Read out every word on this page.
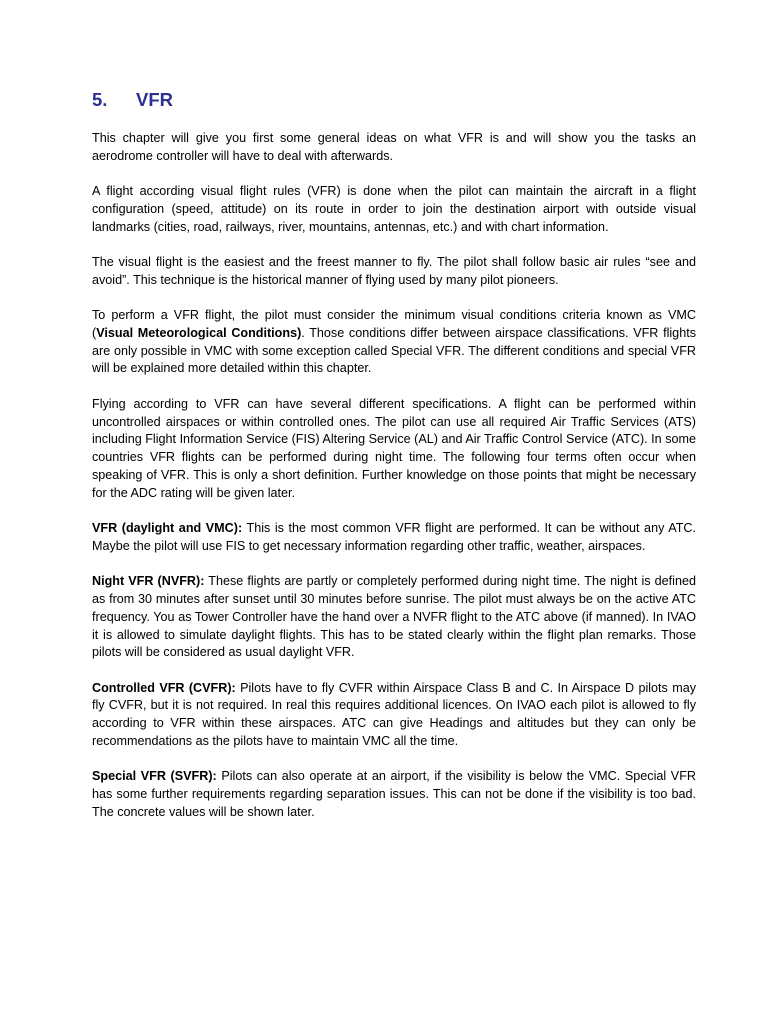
5.	VFR

This chapter will give you first some general ideas on what VFR is and will show you the tasks an aerodrome controller will have to deal with afterwards.

A flight according visual flight rules (VFR) is done when the pilot can maintain the aircraft in a flight configuration (speed, attitude) on its route in order to join the destination airport with outside visual landmarks (cities, road, railways, river, mountains, antennas, etc.) and with chart information.

The visual flight is the easiest and the freest manner to fly. The pilot shall follow basic air rules “see and avoid”. This technique is the historical manner of flying used by many pilot pioneers.

To perform a VFR flight, the pilot must consider the minimum visual conditions criteria known as VMC (Visual Meteorological Conditions). Those conditions differ between airspace classifications. VFR flights are only possible in VMC with some exception called Special VFR. The different conditions and special VFR will be explained more detailed within this chapter.

Flying according to VFR can have several different specifications. A flight can be performed within uncontrolled airspaces or within controlled ones. The pilot can use all required Air Traffic Services (ATS) including Flight Information Service (FIS) Altering Service (AL) and Air Traffic Control Service (ATC). In some countries VFR flights can be performed during night time. The following four terms often occur when speaking of VFR. This is only a short definition. Further knowledge on those points that might be necessary for the ADC rating will be given later.

VFR (daylight and VMC): This is the most common VFR flight are performed. It can be without any ATC. Maybe the pilot will use FIS to get necessary information regarding other traffic, weather, airspaces.

Night VFR (NVFR): These flights are partly or completely performed during night time. The night is defined as from 30 minutes after sunset until 30 minutes before sunrise. The pilot must always be on the active ATC frequency. You as Tower Controller have the hand over a NVFR flight to the ATC above (if manned). In IVAO it is allowed to simulate daylight flights. This has to be stated clearly within the flight plan remarks. Those pilots will be considered as usual daylight VFR.

Controlled VFR (CVFR): Pilots have to fly CVFR within Airspace Class B and C. In Airspace D pilots may fly CVFR, but it is not required. In real this requires additional licences. On IVAO each pilot is allowed to fly according to VFR within these airspaces. ATC can give Headings and altitudes but they can only be recommendations as the pilots have to maintain VMC all the time.

Special VFR (SVFR): Pilots can also operate at an airport, if the visibility is below the VMC. Special VFR has some further requirements regarding separation issues. This can not be done if the visibility is too bad. The concrete values will be shown later.
